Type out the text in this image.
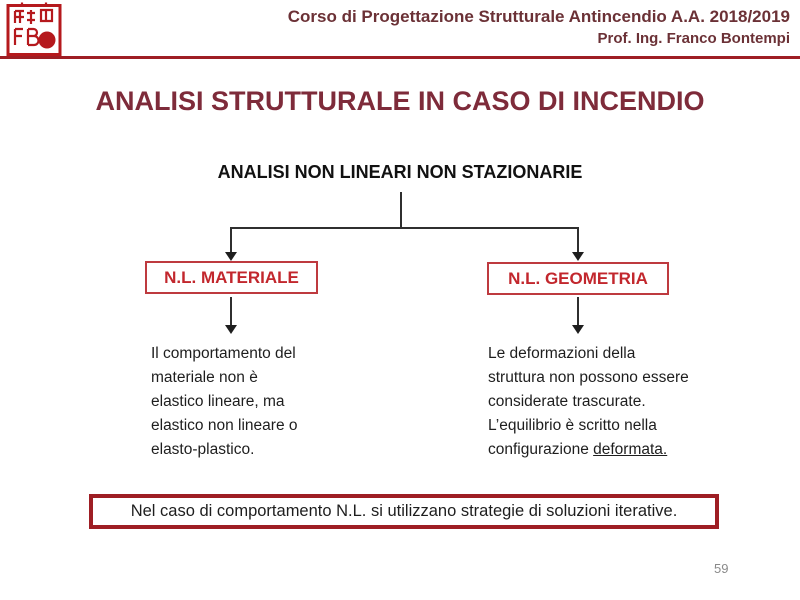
Corso di Progettazione Strutturale Antincendio A.A. 2018/2019
Prof. Ing. Franco Bontempi
ANALISI STRUTTURALE IN CASO DI INCENDIO
ANALISI NON LINEARI NON STAZIONARIE
N.L. MATERIALE	N.L. GEOMETRIA
Il comportamento del
materiale non è
elastico lineare, ma
elastico non lineare o
elasto-plastico.
Le deformazioni della
struttura non possono essere
considerate trascurate.
L’equilibrio è scritto nella
configurazione deformata.
Nel caso di comportamento N.L. si utilizzano strategie di soluzioni iterative.
59
